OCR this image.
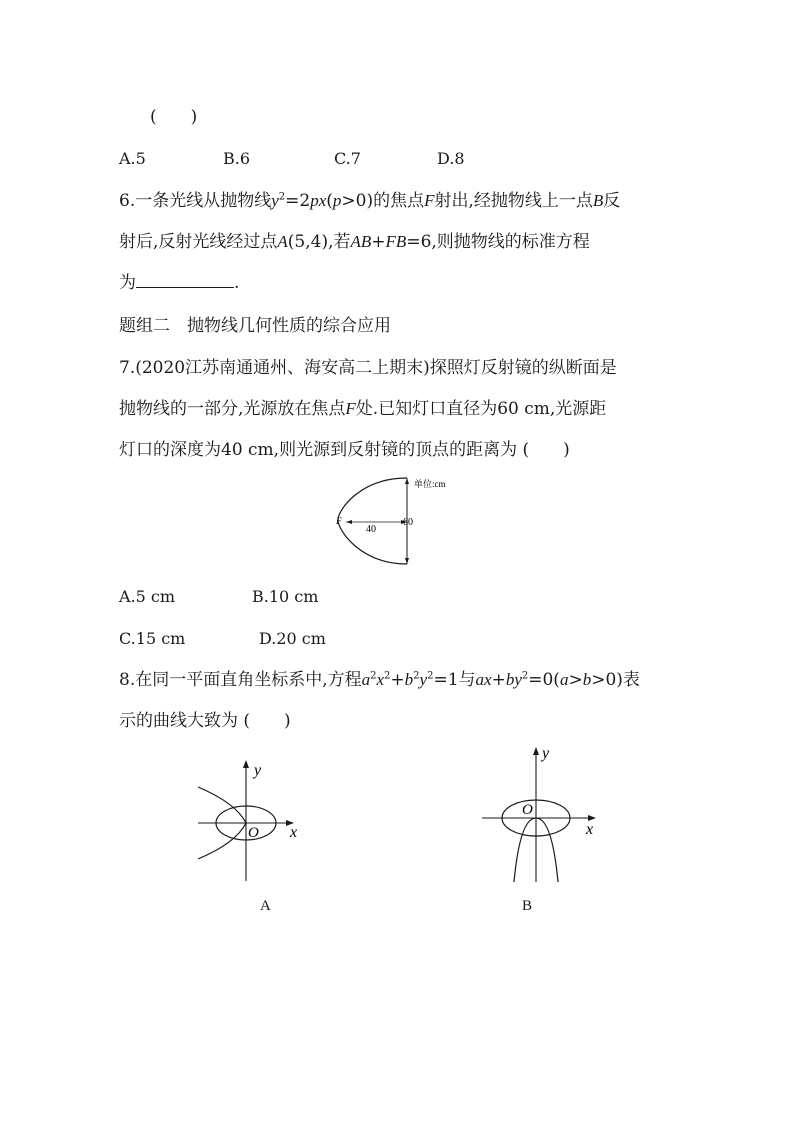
(　　)
A.5	B.6	C.7	D.8
6.一条光线从抛物线$y^2=2px(p>0)$的焦点F射出,经抛物线上一点B反
射后,反射光线经过点A(5,4),若AB+FB=6,则抛物线的标准方程
为	.
题组二　抛物线几何性质的综合应用
7.(2020江苏南通通州、海安高二上期末)探照灯反射镜的纵断面是
抛物线的一部分,光源放在焦点F处.已知灯口直径为60 cm,光源距
灯口的深度为40 cm,则光源到反射镜的顶点的距离为 (　　)
单位:cm
F
40
60
A.5 cm	B.10 cm
C.15 cm	D.20 cm
8.在同一平面直角坐标系中,方程$a^2x^2+b^2y^2=1$与$ax+by^2=0(a>b>0)$表
示的曲线大致为 (　　)
y
x
O
A
y
x
O
B
